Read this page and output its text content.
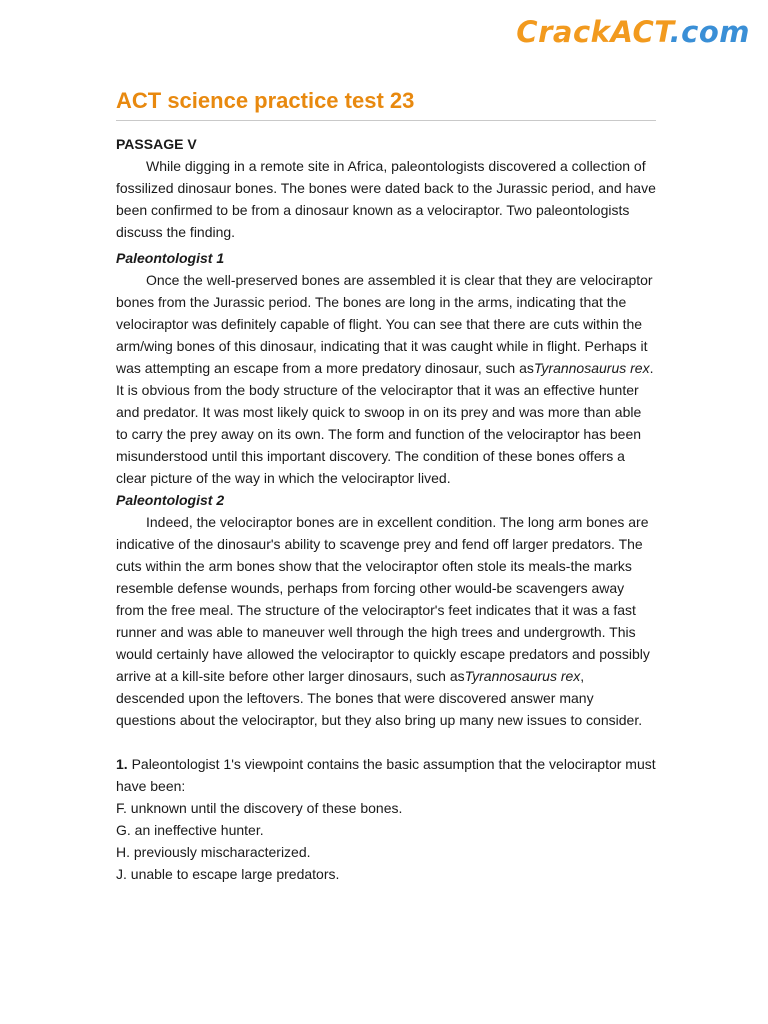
CrackACT.com
ACT science practice test 23
PASSAGE V

While digging in a remote site in Africa, paleontologists discovered a collection of fossilized dinosaur bones. The bones were dated back to the Jurassic period, and have been confirmed to be from a dinosaur known as a velociraptor. Two paleontologists discuss the finding.

Paleontologist 1

Once the well-preserved bones are assembled it is clear that they are velociraptor bones from the Jurassic period. The bones are long in the arms, indicating that the velociraptor was definitely capable of flight. You can see that there are cuts within the arm/wing bones of this dinosaur, indicating that it was caught while in flight. Perhaps it was attempting an escape from a more predatory dinosaur, such asTyrannosaurus rex. It is obvious from the body structure of the velociraptor that it was an effective hunter and predator. It was most likely quick to swoop in on its prey and was more than able to carry the prey away on its own. The form and function of the velociraptor has been misunderstood until this important discovery. The condition of these bones offers a clear picture of the way in which the velociraptor lived.

Paleontologist 2

Indeed, the velociraptor bones are in excellent condition. The long arm bones are indicative of the dinosaur's ability to scavenge prey and fend off larger predators. The cuts within the arm bones show that the velociraptor often stole its meals-the marks resemble defense wounds, perhaps from forcing other would-be scavengers away from the free meal. The structure of the velociraptor's feet indicates that it was a fast runner and was able to maneuver well through the high trees and undergrowth. This would certainly have allowed the velociraptor to quickly escape predators and possibly arrive at a kill-site before other larger dinosaurs, such asTyrannosaurus rex, descended upon the leftovers. The bones that were discovered answer many questions about the velociraptor, but they also bring up many new issues to consider.

1. Paleontologist 1's viewpoint contains the basic assumption that the velociraptor must have been:

F. unknown until the discovery of these bones.
G. an ineffective hunter.
H. previously mischaracterized.
J. unable to escape large predators.
